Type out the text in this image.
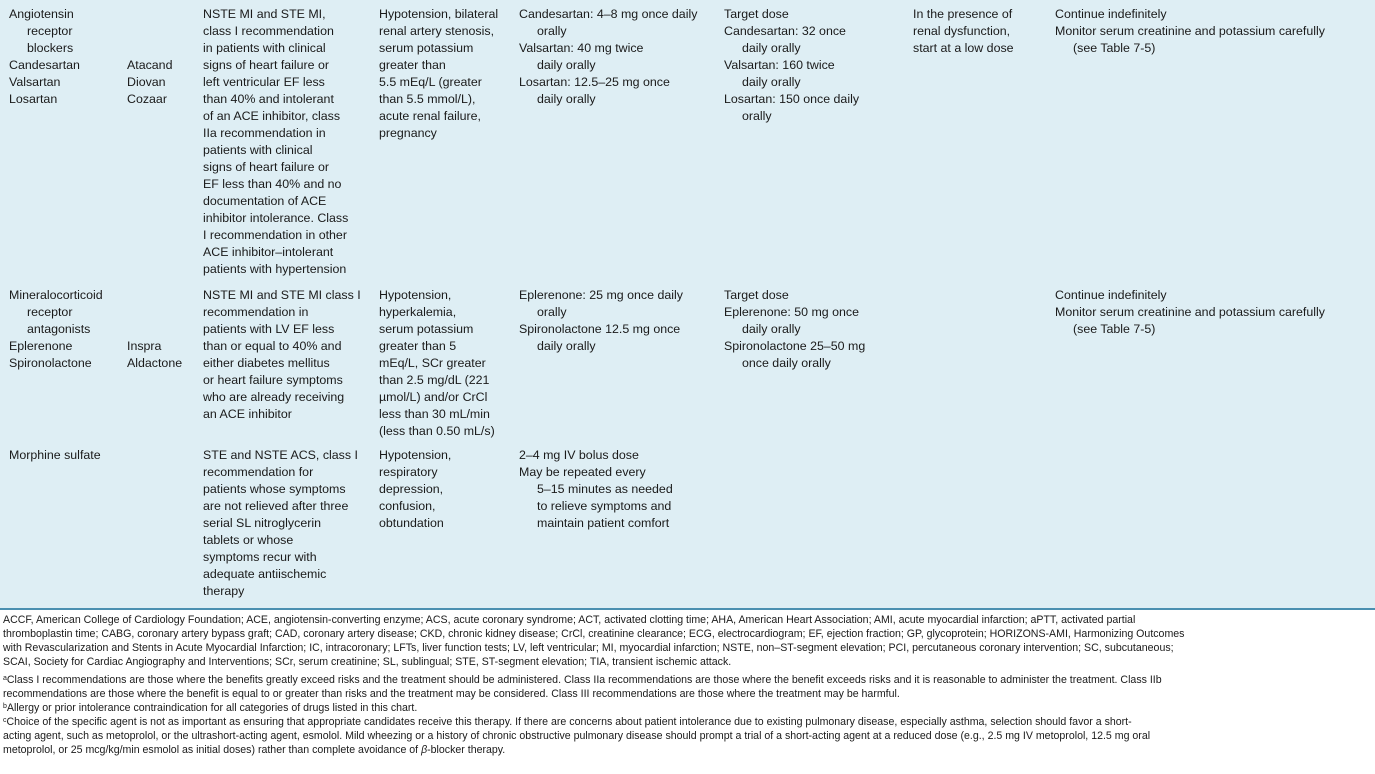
Angiotensin
receptor
blockers
Candesartan
Valsartan
Losartan
Atacand
Diovan
Cozaar
NSTE MI and STE MI,
class I recommendation
in patients with clinical
signs of heart failure or
left ventricular EF less
than 40% and intolerant
of an ACE inhibitor, class
IIa recommendation in
patients with clinical
signs of heart failure or
EF less than 40% and no
documentation of ACE
inhibitor intolerance. Class
I recommendation in other
ACE inhibitor–intolerant
patients with hypertension
Hypotension, bilateral
renal artery stenosis,
serum potassium
greater than
5.5 mEq/L (greater
than 5.5 mmol/L),
acute renal failure,
pregnancy
Candesartan: 4–8 mg once daily
orally
Valsartan: 40 mg twice
daily orally
Losartan: 12.5–25 mg once
daily orally
Target dose
Candesartan: 32 once
daily orally
Valsartan: 160 twice
daily orally
Losartan: 150 once daily
orally
In the presence of
renal dysfunction,
start at a low dose
Continue indefinitely
Monitor serum creatinine and potassium carefully
(see Table 7-5)
Mineralocorticoid
receptor
antagonists
Eplerenone
Spironolactone
Inspra
Aldactone
NSTE MI and STE MI class I
recommendation in
patients with LV EF less
than or equal to 40% and
either diabetes mellitus
or heart failure symptoms
who are already receiving
an ACE inhibitor
Hypotension,
hyperkalemia,
serum potassium
greater than 5
mEq/L, SCr greater
than 2.5 mg/dL (221
µmol/L) and/or CrCl
less than 30 mL/min
(less than 0.50 mL/s)
Eplerenone: 25 mg once daily
orally
Spironolactone 12.5 mg once
daily orally
Target dose
Eplerenone: 50 mg once
daily orally
Spironolactone 25–50 mg
once daily orally
Continue indefinitely
Monitor serum creatinine and potassium carefully
(see Table 7-5)
Morphine sulfate	STE and NSTE ACS, class I
recommendation for
patients whose symptoms
are not relieved after three
serial SL nitroglycerin
tablets or whose
symptoms recur with
adequate antiischemic
therapy
Hypotension,
respiratory
depression,
confusion,
obtundation
2–4 mg IV bolus dose
May be repeated every
5–15 minutes as needed
to relieve symptoms and
maintain patient comfort
ACCF, American College of Cardiology Foundation; ACE, angiotensin-converting enzyme; ACS, acute coronary syndrome; ACT, activated clotting time; AHA, American Heart Association; AMI, acute myocardial infarction; aPTT, activated partial
thromboplastin time; CABG, coronary artery bypass graft; CAD, coronary artery disease; CKD, chronic kidney disease; CrCl, creatinine clearance; ECG, electrocardiogram; EF, ejection fraction; GP, glycoprotein; HORIZONS-AMI, Harmonizing Outcomes
with Revascularization and Stents in Acute Myocardial Infarction; IC, intracoronary; LFTs, liver function tests; LV, left ventricular; MI, myocardial infarction; NSTE, non–ST-segment elevation; PCI, percutaneous coronary intervention; SC, subcutaneous;
SCAI, Society for Cardiac Angiography and Interventions; SCr, serum creatinine; SL, sublingual; STE, ST-segment elevation; TIA, transient ischemic attack.
$^a$Class I recommendations are those where the benefits greatly exceed risks and the treatment should be administered. Class IIa recommendations are those where the benefit exceeds risks and it is reasonable to administer the treatment. Class IIb
recommendations are those where the benefit is equal to or greater than risks and the treatment may be considered. Class III recommendations are those where the treatment may be harmful.
$^b$Allergy or prior intolerance contraindication for all categories of drugs listed in this chart.
$^c$Choice of the specific agent is not as important as ensuring that appropriate candidates receive this therapy. If there are concerns about patient intolerance due to existing pulmonary disease, especially asthma, selection should favor a short-
acting agent, such as metoprolol, or the ultrashort-acting agent, esmolol. Mild wheezing or a history of chronic obstructive pulmonary disease should prompt a trial of a short-acting agent at a reduced dose (e.g., 2.5 mg IV metoprolol, 12.5 mg oral
metoprolol, or 25 mcg/kg/min esmolol as initial doses) rather than complete avoidance of β-blocker therapy.
